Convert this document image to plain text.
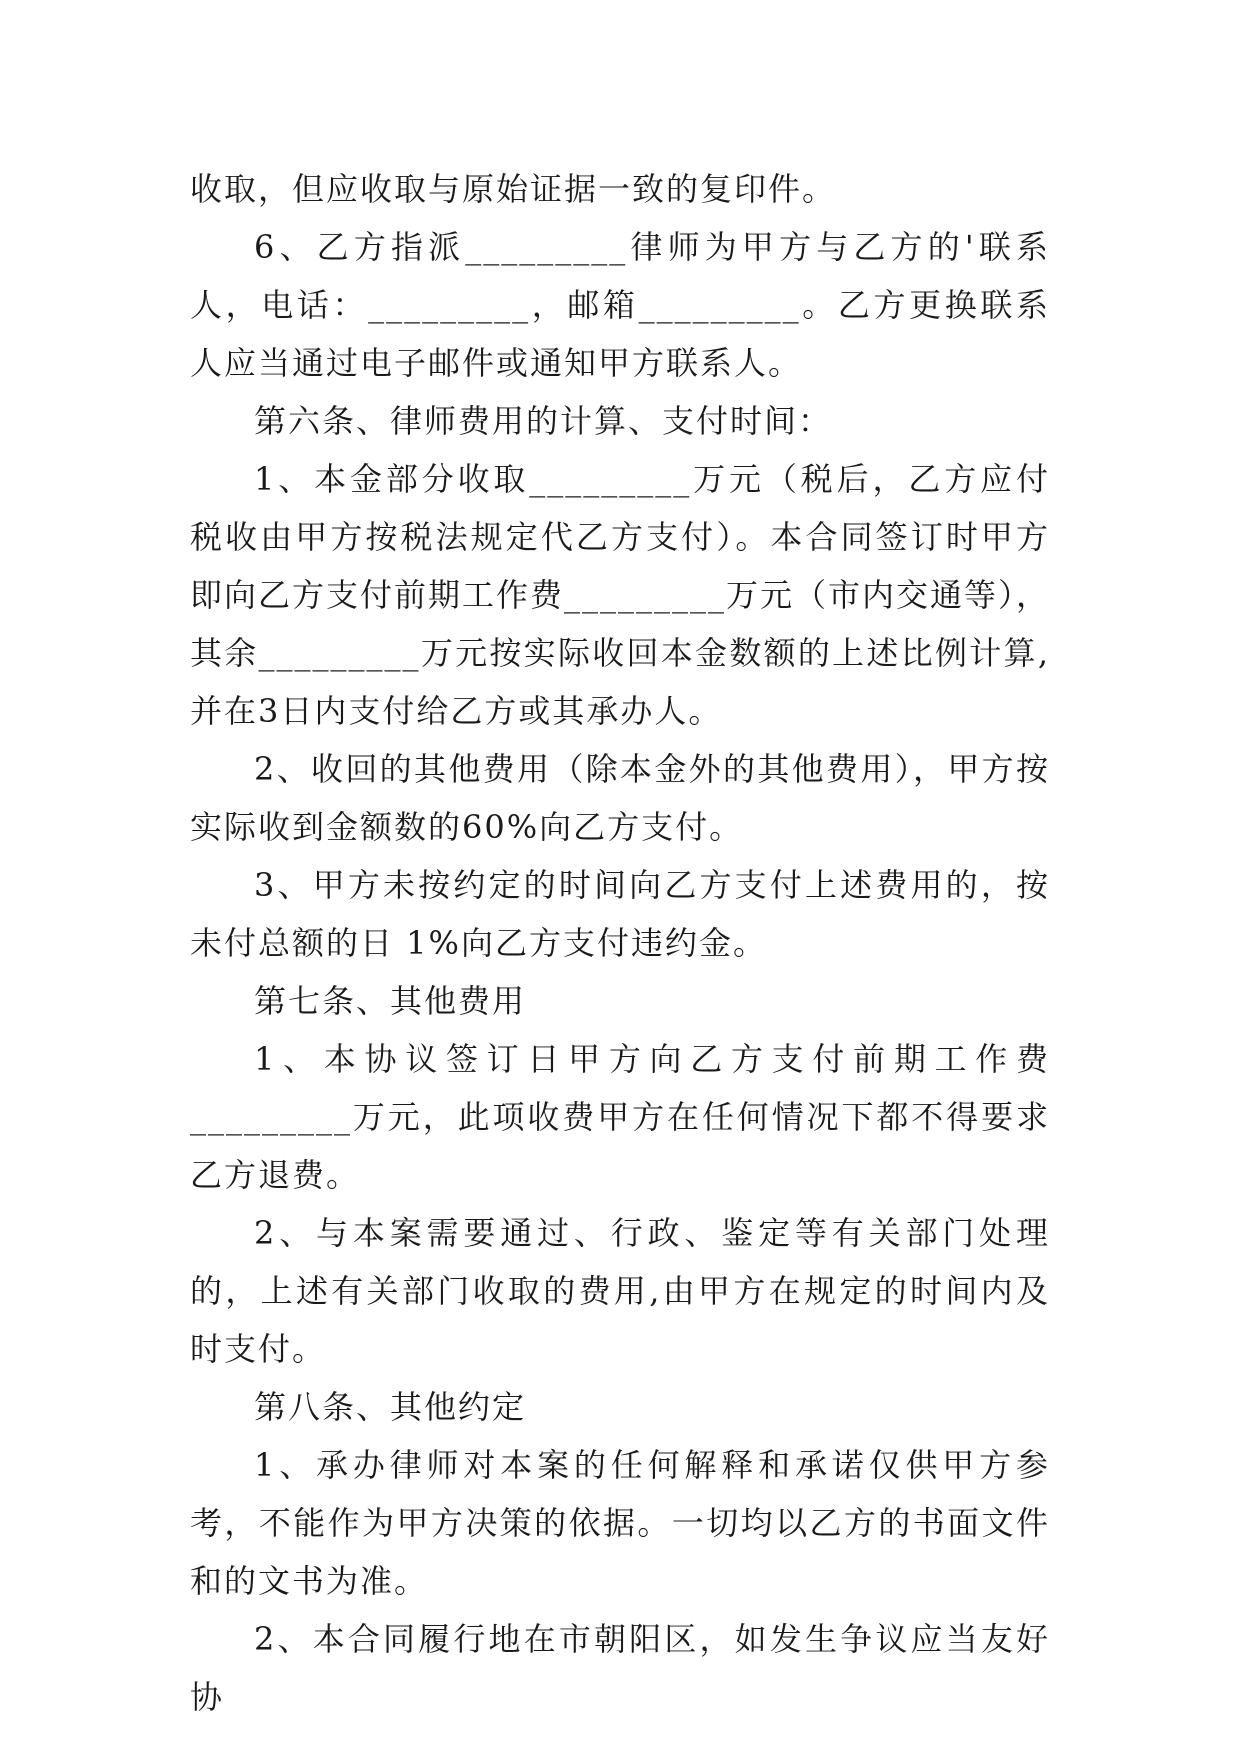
收取，但应收取与原始证据一致的复印件。

6、乙方指派_________律师为甲方与乙方的'联系人，电话：_________，邮箱_________。乙方更换联系人应当通过电子邮件或通知甲方联系人。

第六条、律师费用的计算、支付时间：

1、本金部分收取_________万元（税后，乙方应付税收由甲方按税法规定代乙方支付）。本合同签订时甲方即向乙方支付前期工作费_________万元（市内交通等），其余_________万元按实际收回本金数额的上述比例计算,并在3日内支付给乙方或其承办人。

2、收回的其他费用（除本金外的其他费用），甲方按实际收到金额数的60%向乙方支付。

3、甲方未按约定的时间向乙方支付上述费用的，按未付总额的日 1%向乙方支付违约金。

第七条、其他费用

1、本协议签订日甲方向乙方支付前期工作费_________万元，此项收费甲方在任何情况下都不得要求乙方退费。

2、与本案需要通过、行政、鉴定等有关部门处理的，上述有关部门收取的费用,由甲方在规定的时间内及时支付。

第八条、其他约定

1、承办律师对本案的任何解释和承诺仅供甲方参考，不能作为甲方决策的依据。一切均以乙方的书面文件和的文书为准。

2、本合同履行地在市朝阳区，如发生争议应当友好协
